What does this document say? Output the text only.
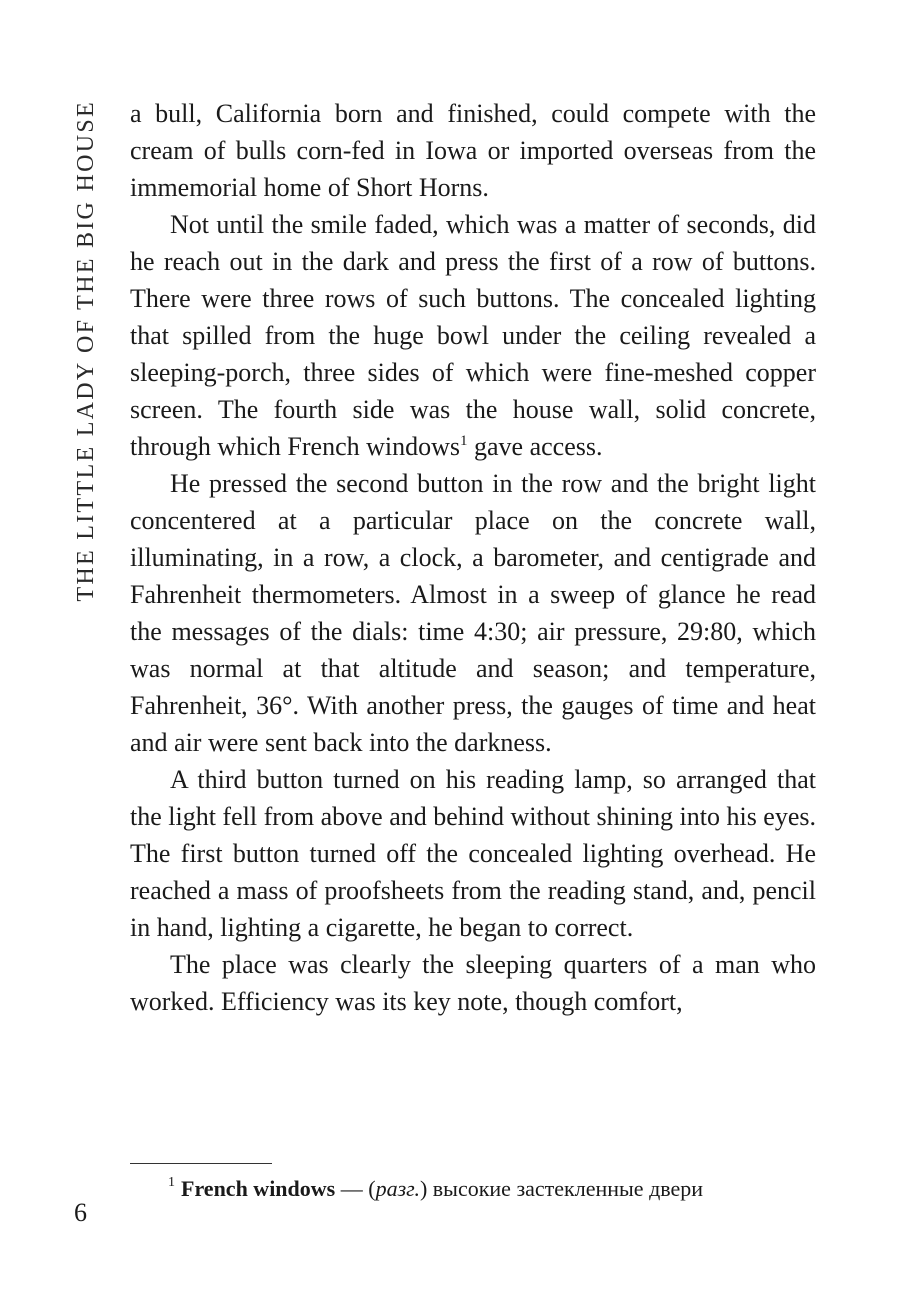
THE LITTLE LADY OF THE BIG HOUSE a bull, California born and finished, could compete with the cream of bulls corn-fed in Iowa or imported overseas from the immemorial home of Short Horns.

Not until the smile faded, which was a matter of seconds, did he reach out in the dark and press the first of a row of buttons. There were three rows of such buttons. The concealed lighting that spilled from the huge bowl under the ceiling revealed a sleeping-porch, three sides of which were fine-meshed copper screen. The fourth side was the house wall, solid concrete, through which French windows$^1$ gave access.

He pressed the second button in the row and the bright light concentered at a particular place on the concrete wall, illuminating, in a row, a clock, a barometer, and centigrade and Fahrenheit thermometers. Almost in a sweep of glance he read the messages of the dials: time 4:30; air pressure, 29:80, which was normal at that altitude and season; and temperature, Fahrenheit, 36°. With another press, the gauges of time and heat and air were sent back into the darkness.

A third button turned on his reading lamp, so arranged that the light fell from above and behind without shining into his eyes. The first button turned off the concealed lighting overhead. He reached a mass of proofsheets from the reading stand, and, pencil in hand, lighting a cigarette, he began to correct.

The place was clearly the sleeping quarters of a man who worked. Efficiency was its key note, though comfort,

$^1$ French windows — (разг.) высокие застекленные двери
6
